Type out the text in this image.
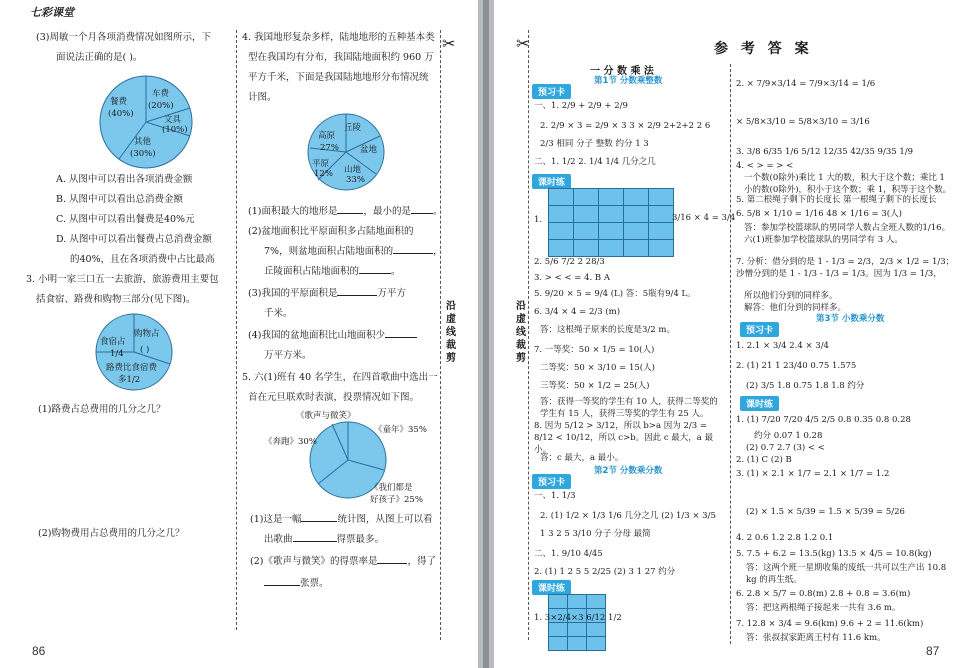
七彩课堂
✂
沿虚线裁剪
(3)周敏一个月各项消费情况如图所示，下
面说法正确的是( )。
餐费
(40%)
车费
(20%)
文具
(10%)
其他
(30%)
A. 从图中可以看出各项消费金额
B. 从图中可以看出总消费金额
C. 从图中可以看出餐费是40%元
D. 从图中可以看出餐费占总消费金额
的40%，且在各项消费中占比最高
3. 小明一家三口五一去旅游，旅游费用主要包
括食宿、路费和购物三部分(见下图)。
食宿占
1/4
购物占
( )
路费比食宿费
多1/2
(1)路费占总费用的几分之几？
(2)购物费用占总费用的几分之几？
4. 我国地形复杂多样，陆地地形的五种基本类
型在我国均有分布，我国陆地面积约 960 万
平方千米，下面是我国陆地地形分布情况统
计图。
高原
27%
丘陵
盆地
平原
12% 山地
33%
(1)面积最大的地形是	，最小的是 。
(2)盆地面积比平原面积多占陆地面积的
7%，则盆地面积占陆地面积的	，
丘陵面积占陆地面积的	。
(3)我国的平原面积是	万平方
千米。
(4)我国的盆地面积比山地面积少
万平方米。
5. 六(1)班有 40 名学生，在四首歌曲中选出一
首在元旦联欢时表演，投票情况如下图。
《歌声与微笑》
《童年》35%
《奔跑》30%
《我们都是
好孩子》25%
(1)这是一幅	统计图，从图上可以看
出歌曲	得票最多。
(2)《歌声与微笑》的得票率是	，得了
张票。
86
✂
沿虚线裁剪
参 考 答 案
一 分 数 乘 法
第1节 分数乘整数
预习卡
一、1. 2/9 + 2/9 + 2/9
2. 2/9 × 3 = 2/9 × 3 3 × 2/9 2+2+2 2 6
2/3 相同 分子 整数 约分 1 3
二、1. 1/2 2. 1/4 1/4 几分之几
课时练
1.

					3/16 × 4 = 3/4
2. 5/6 7/2 2 28/3
3. > < < = 4. B A
5. 9/20 × 5 = 9/4 (L) 答：5瓶有9/4 L。
6. 3/4 × 4 = 2/3 (m)
答：这根绳子原来的长度是3/2 m。
7. 一等奖：50 × 1/5 = 10(人)
二等奖：50 × 3/10 = 15(人)
三等奖：50 × 1/2 = 25(人)
答：获得一等奖的学生有 10 人，获得二等奖的学生有 15 人，获得三等奖的学生有 25 人。
8. 因为 5/12 > 3/12，所以 b>a 因为 2/3 = 8/12 < 10/12，所以 c>b。因此 c 最大，a 最小。
答：c 最大，a 最小。
第2节 分数乘分数
预习卡
一、1. 1/3
2. (1) 1/2 × 1/3 1/6 几分之几 (2) 1/3 × 3/5
1 3 2 5 3/10 分子 分母 最简
二、1. 9/10 4/45
2. (1) 1 2 5 5 2/25 (2) 3 1 27 约分
课时练

1. 3×2/4×3 6/12 1/2
2. × 7/9×3/14 = 7/9×3/14 = 1/6
× 5/8×3/10 = 5/8×3/10 = 3/16
3. 3/8 6/35 1/6 5/12 12/35 42/35 9/35 1/9
4. < > = > <
一个数(0除外)乘比 1 大的数，积大于这个数；乘比 1 小的数(0除外)，积小于这个数；乘 1，积等于这个数。
5. 第二根绳子剩下的长度长 第一根绳子剩下的长度长
6. 5/8 × 1/10 = 1/16 48 × 1/16 = 3(人)
答：参加学校篮球队的男同学人数占全班人数的1/16。六(1)班参加学校篮球队的男同学有 3 人。
7. 分析：借分到的是 1 - 1/3 = 2/3，2/3 × 1/2 = 1/3；沙憎分到的是 1 - 1/3 - 1/3 = 1/3。因为 1/3 = 1/3，
所以他们分到的同样多。
解答：他们分到的同样多。
第3节 小数乘分数
预习卡
1. 2.1 × 3/4 2.4 × 3/4
2. (1) 21 1 23/40 0.75 1.575
(2) 3/5 1.8 0.75 1.8 1.8 约分
课时练
1. (1) 7/20 7/20 4/5 2/5 0.8 0.35 0.8 0.28
约分 0.07 1 0.28
(2) 0.7 2.7 (3) < <
2. (1) C (2) B
3. (1) × 2.1 × 1/7 = 2.1 × 1/7 = 1.2
(2) × 1.5 × 5/39 = 1.5 × 5/39 = 5/26
4. 2 0.6 1.2 2.8 1.2 0.1
5. 7.5 + 6.2 = 13.5(kg) 13.5 × 4/5 = 10.8(kg)
答：这两个班一星期收集的废纸一共可以生产出 10.8 kg 的再生纸。
6. 2.8 × 5/7 = 0.8(m) 2.8 + 0.8 = 3.6(m)
答：把这两根绳子接起来一共有 3.6 m。
7. 12.8 × 3/4 = 9.6(km) 9.6 + 2 = 11.6(km)
答：张叔叔家距离王村有 11.6 km。
87
